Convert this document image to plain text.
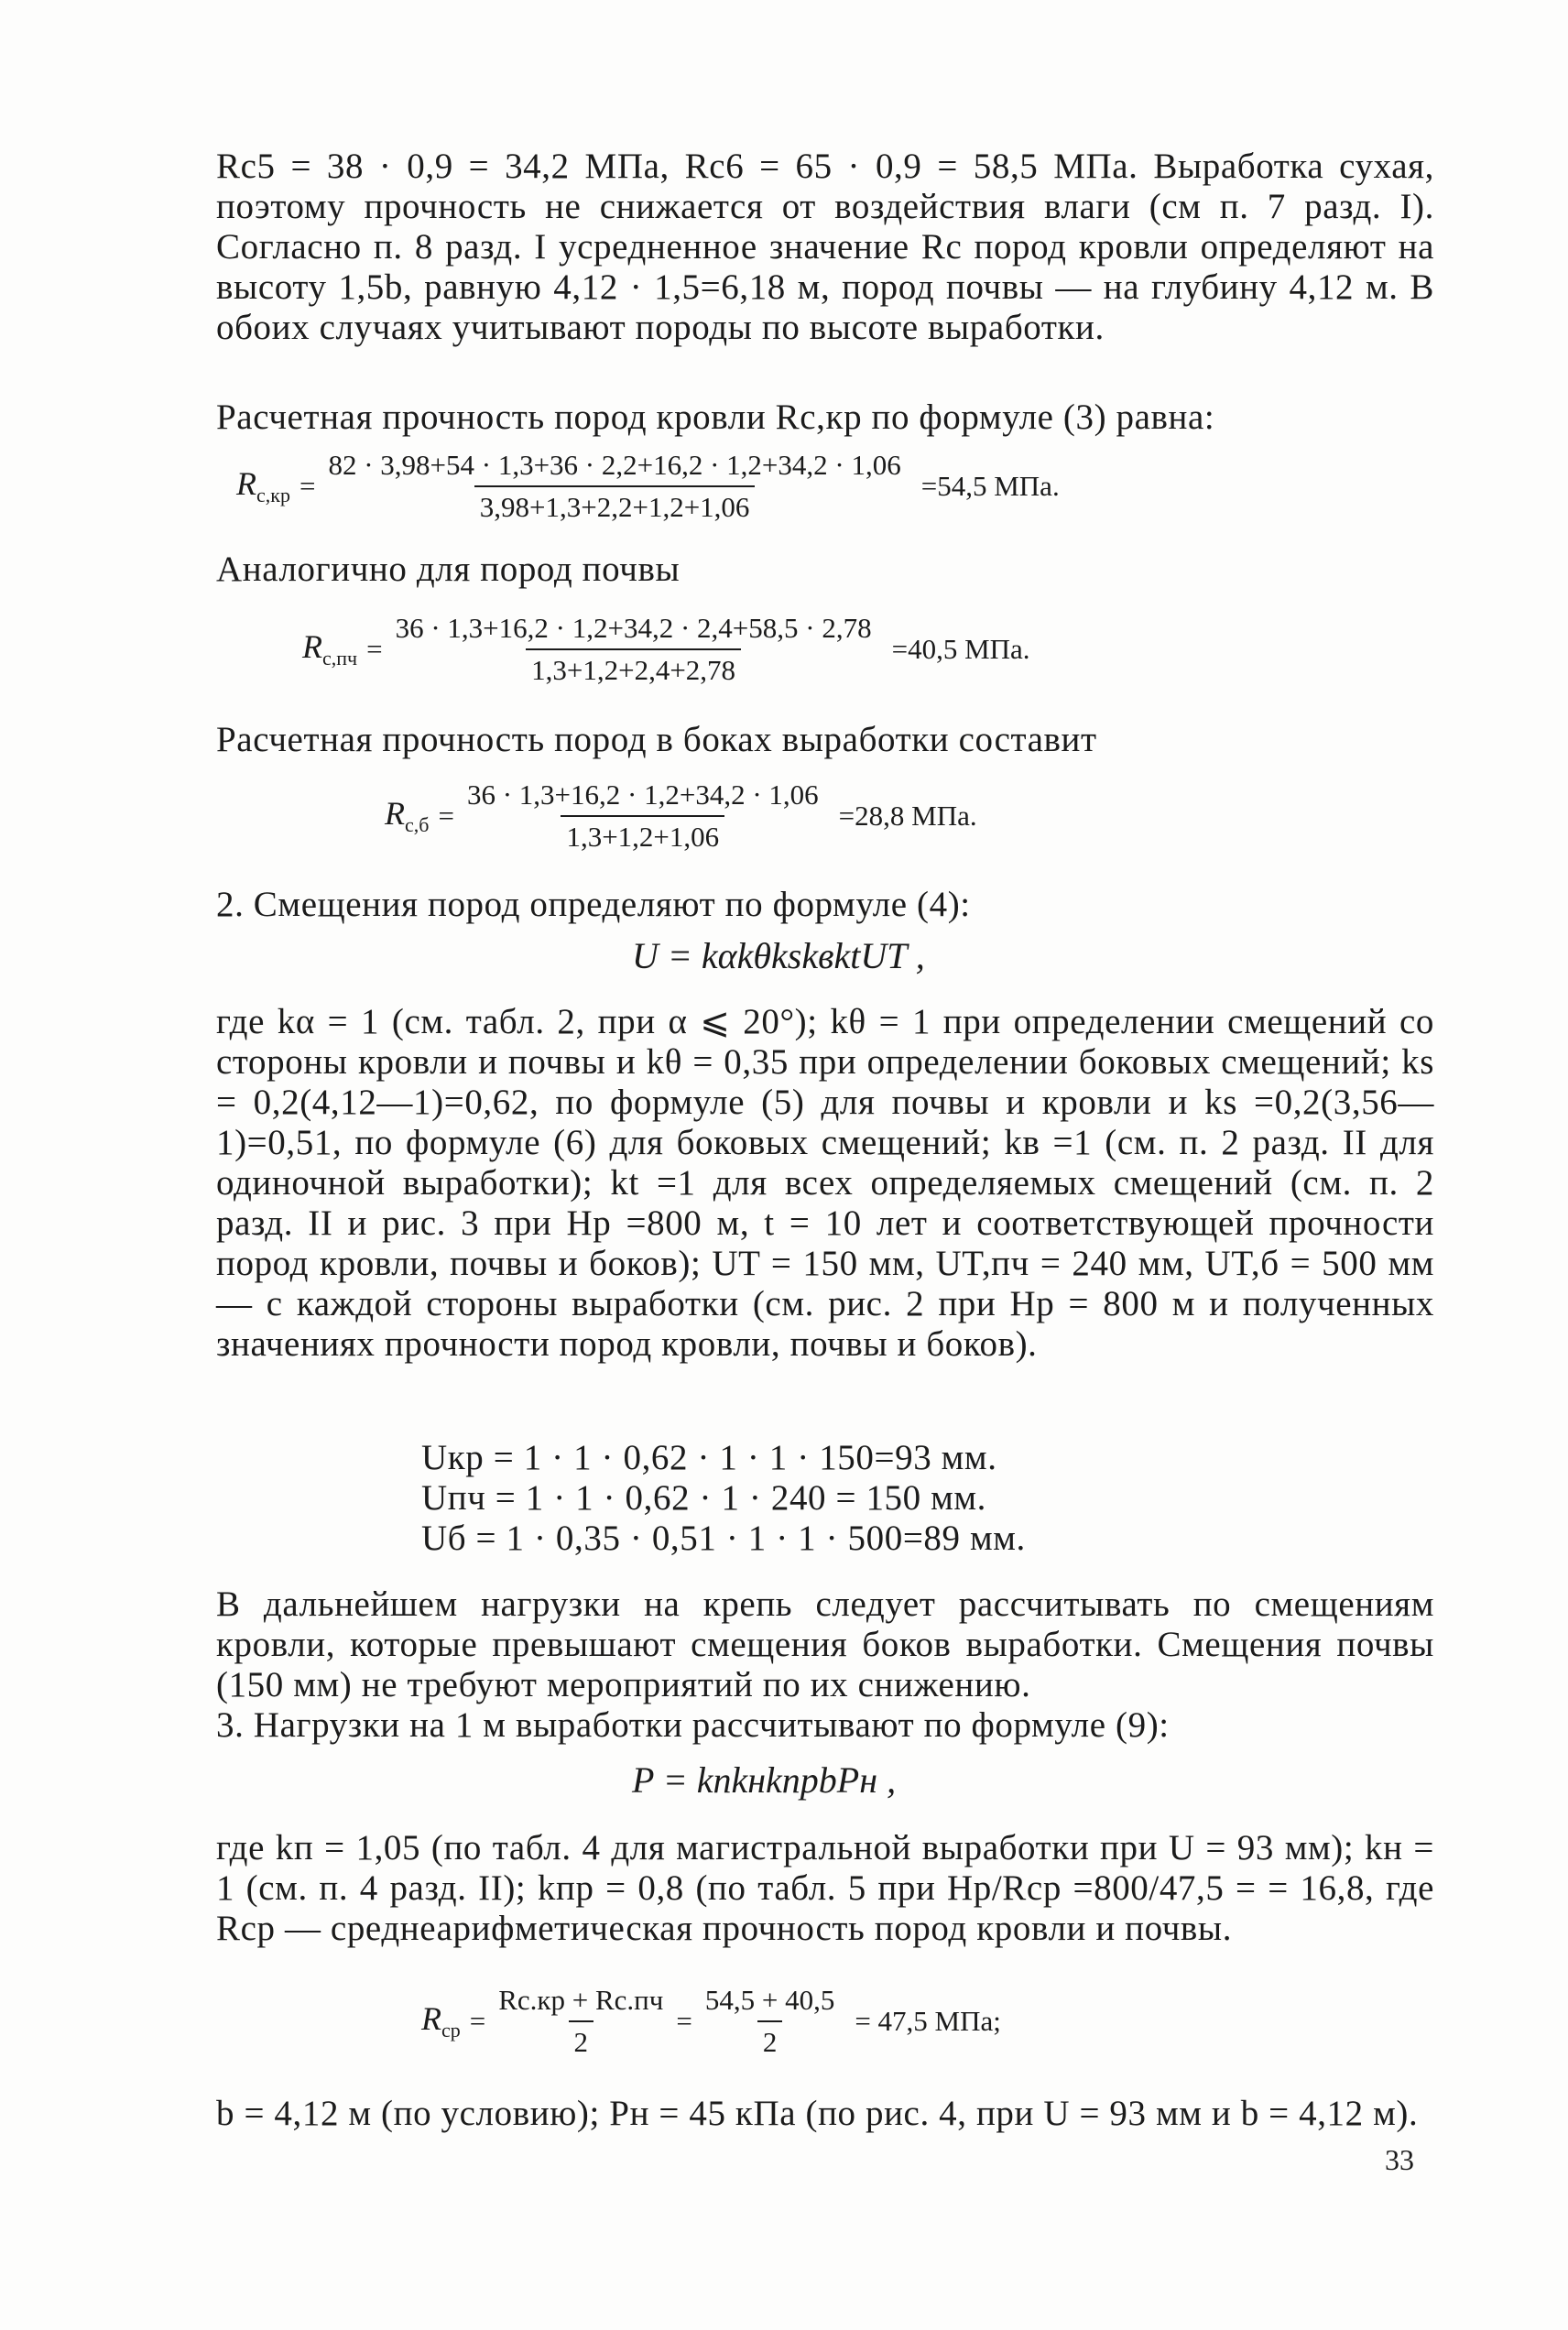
Rc5 = 38 · 0,9 = 34,2 МПа, Rc6 = 65 · 0,9 = 58,5 МПа. Выработка сухая, поэтому прочность не снижается от воздействия влаги (см п. 7 разд. I). Согласно п. 8 разд. I усредненное значение Rc пород кровли определяют на высоту 1,5b, равную 4,12 · 1,5=6,18 м, пород почвы — на глубину 4,12 м. В обоих случаях учитывают породы по высоте выработки.

Расчетная прочность пород кровли Rc,кр по формуле (3) равна:

$R_{с,кр} = \frac{82 \cdot 3,98+54 \cdot 1,3+36 \cdot 2,2+16,2 \cdot 1,2+34,2 \cdot 1,06}{3,98+1,3+2,2+1,2+1,06} =54,5$ МПа.

Аналогично для пород почвы

$R_{с,пч} = \frac{36 \cdot 1,3+16,2 \cdot 1,2+34,2 \cdot 2,4+58,5 \cdot 2,78}{1,3+1,2+2,4+2,78} =40,5$ МПа.

Расчетная прочность пород в боках выработки составит

$R_{с,б} = \frac{36 \cdot 1,3+16,2 \cdot 1,2+34,2 \cdot 1,06}{1,3+1,2+1,06} =28,8$ МПа.

2. Смещения пород определяют по формуле (4):

U = kαkθkskвktUT ,

где kα = 1 (см. табл. 2, при α ⩽ 20°); kθ = 1 при определении смещений со стороны кровли и почвы и kθ = 0,35 при определении боковых смещений; ks = 0,2(4,12—1)=0,62, по формуле (5) для почвы и кровли и ks =0,2(3,56—1)=0,51, по формуле (6) для боковых смещений; kв =1 (см. п. 2 разд. II для одиночной выработки); kt =1 для всех определяемых смещений (см. п. 2 разд. II и рис. 3 при Hр =800 м, t = 10 лет и соответствующей прочности пород кровли, почвы и боков); UT = 150 мм, UT,пч = 240 мм, UT,б = 500 мм — с каждой стороны выработки (см. рис. 2 при Hр = 800 м и полученных значениях прочности пород кровли, почвы и боков).

Uкр = 1 · 1 · 0,62 · 1 · 1 · 150=93 мм.
Uпч = 1 · 1 · 0,62 · 1 · 240 = 150 мм.
Uб = 1 · 0,35 · 0,51 · 1 · 1 · 500=89 мм.

В дальнейшем нагрузки на крепь следует рассчитывать по смещениям кровли, которые превышают смещения боков выработки. Смещения почвы (150 мм) не требуют мероприятий по их снижению.

3. Нагрузки на 1 м выработки рассчитывают по формуле (9):

P = kпkнkпрbPн ,

где kп = 1,05 (по табл. 4 для магистральной выработки при U = 93 мм); kн = 1 (см. п. 4 разд. II); kпр = 0,8 (по табл. 5 при Hр/Rср =800/47,5 = = 16,8, где Rср — среднеарифметическая прочность пород кровли и почвы.

$R_{ср} = \frac{Rс.кр + Rс.пч}{2} = \frac{54,5 + 40,5}{2} = 47,5$ МПа;

b = 4,12 м (по условию); Pн = 45 кПа (по рис. 4, при U = 93 мм и b = 4,12 м).

33
